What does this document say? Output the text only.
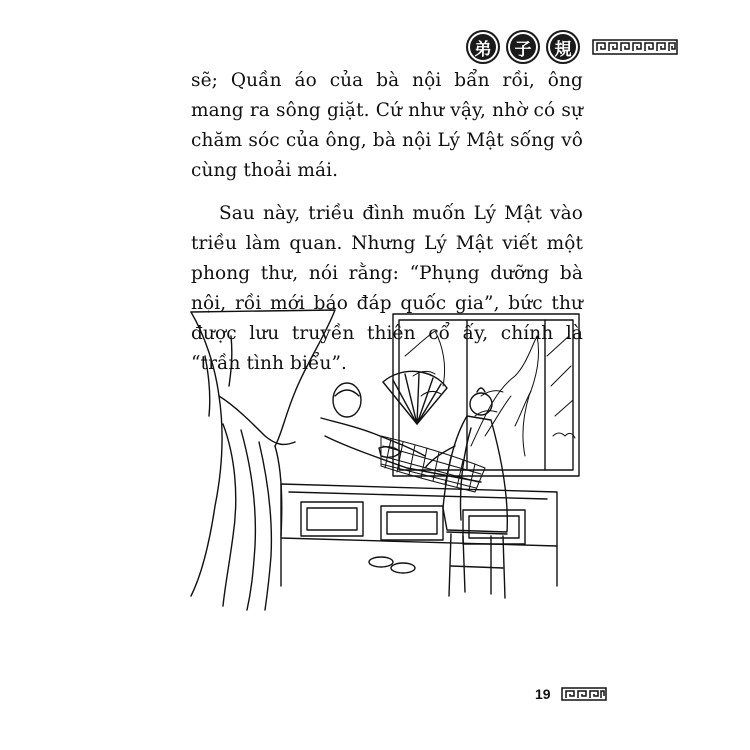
弟 子 規

sẽ; Quần áo của bà nội bẩn rồi, ông mang ra sông giặt. Cứ như vậy, nhờ có sự chăm sóc của ông, bà nội Lý Mật sống vô cùng thoải mái.

Sau này, triều đình muốn Lý Mật vào triều làm quan. Nhưng Lý Mật viết một phong thư, nói rằng: “Phụng dưỡng bà nội, rồi mới báo đáp quốc gia”, bức thư được lưu truyền thiên cổ ấy, chính là “trần tình biểu”.

19
